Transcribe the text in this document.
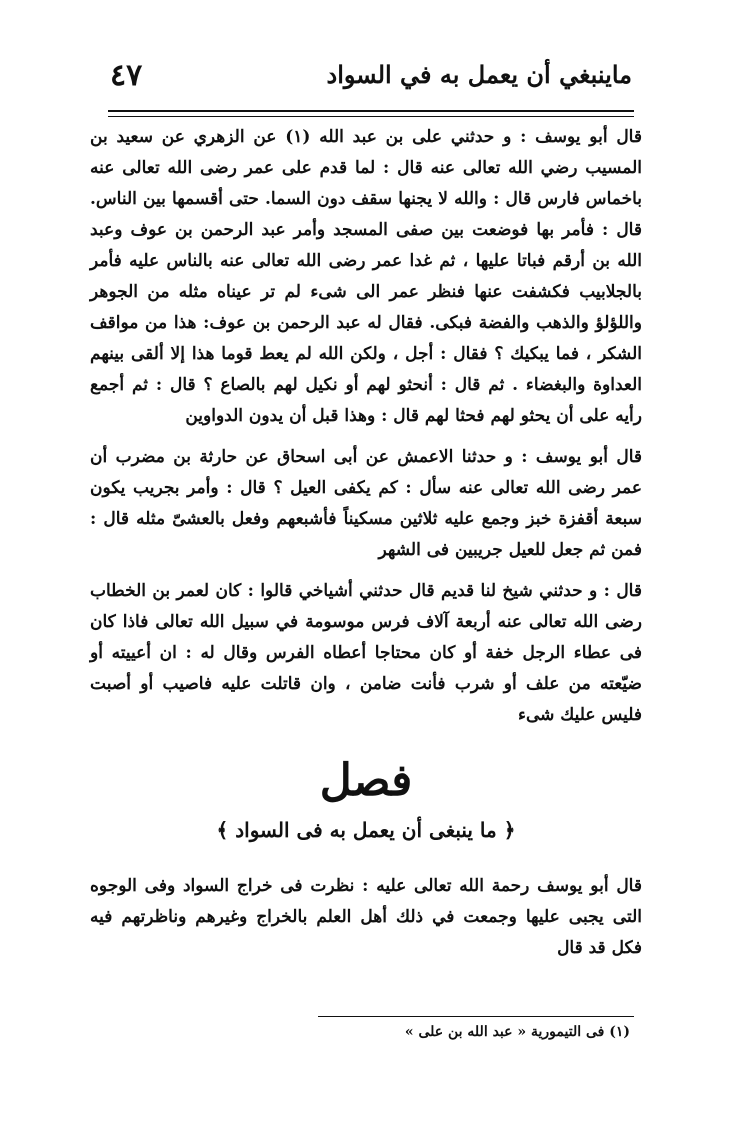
ماينبغي أن يعمل به في السواد
٤٧

قال أبو يوسف : و حدثني على بن عبد الله (١) عن الزهري عن سعيد بن المسيب رضي الله تعالى عنه قال : لما قدم على عمر رضى الله تعالى عنه باخماس فارس قال : والله لا يجنها سقف دون السما. حتى أقسمها بين الناس. قال : فأمر بها فوضعت بين صفى المسجد وأمر عبد الرحمن بن عوف وعبد الله بن أرقم فباتا عليها ، ثم غدا عمر رضى الله تعالى عنه بالناس عليه فأمر بالجلابيب فكشفت عنها فنظر عمر الى شىء لم تر عيناه مثله من الجوهر واللؤلؤ والذهب والفضة فبكى. فقال له عبد الرحمن بن عوف: هذا من مواقف الشكر ، فما يبكيك ؟ فقال : أجل ، ولكن الله لم يعط قوما هذا إلا ألقى بينهم العداوة والبغضاء . ثم قال : أنحثو لهم أو نكيل لهم بالصاع ؟ قال : ثم أجمع رأيه على أن يحثو لهم فحثا لهم قال : وهذا قبل أن يدون الدواوين

قال أبو يوسف : و حدثنا الاعمش عن أبى اسحاق عن حارثة بن مضرب أن عمر رضى الله تعالى عنه سأل : كم يكفى العيل ؟ قال : وأمر بجريب يكون سبعة أقفزة خبز وجمع عليه ثلاثين مسكيناً فأشبعهم وفعل بالعشىّ مثله قال : فمن ثم جعل للعيل جريبين فى الشهر

قال : و حدثني شيخ لنا قديم قال حدثني أشياخي قالوا : كان لعمر بن الخطاب رضى الله تعالى عنه أربعة آلاف فرس موسومة في سبيل الله تعالى فاذا كان فى عطاء الرجل خفة أو كان محتاجا أعطاه الفرس وقال له : ان أعييته أو ضيّعته من علف أو شرب فأنت ضامن ، وان قاتلت عليه فاصيب أو أصبت فليس عليك شىء

فصل
﴿ ما ينبغى أن يعمل به فى السواد ﴾

قال أبو يوسف رحمة الله تعالى عليه : نظرت فى خراج السواد وفى الوجوه التى يجبى عليها وجمعت في ذلك أهل العلم بالخراج وغيرهم وناظرتهم فيه فكل قد قال

(١) فى التيمورية « عبد الله بن على »
